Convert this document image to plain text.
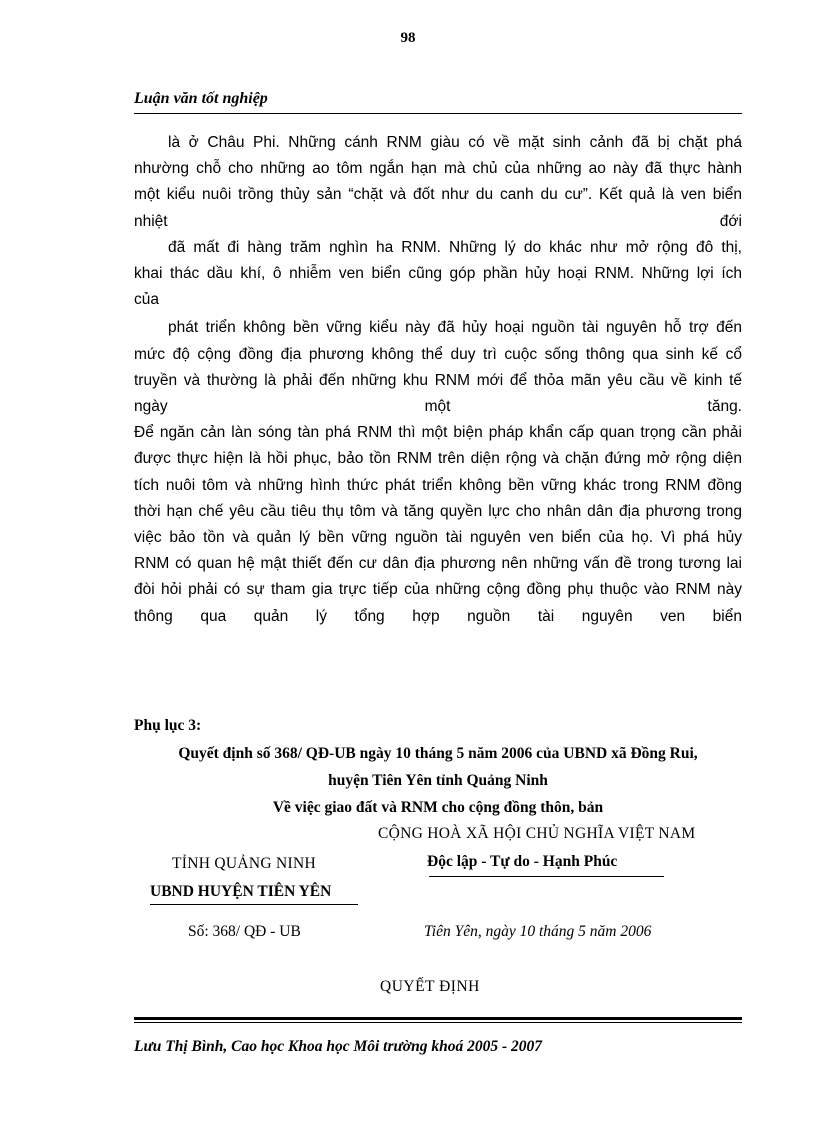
98
Luận văn tốt nghiệp

là ở Châu Phi. Những cánh RNM giàu có về mặt sinh cảnh đã bị chặt phá

nhường chỗ cho những ao tôm ngắn hạn mà chủ của những ao này đã thực hành

một kiểu nuôi trồng thủy sản “chặt và đốt như du canh du cư”. Kết quả là ven biển

nhiệt đới

đã mất đi hàng trăm nghìn ha RNM. Những lý do khác như mở rộng đô thị,

khai thác dầu khí, ô nhiễm ven biển cũng góp phần hủy hoại RNM. Những lợi ích

của

phát triển không bền vững kiểu này đã hủy hoại nguồn tài nguyên hỗ trợ đến

mức độ cộng đồng địa phương không thể duy trì cuộc sống thông qua sinh kế cổ

truyền và thường là phải đến những khu RNM mới để thỏa mãn yêu cầu về kinh tế

ngày một tăng.

Để ngăn cản làn sóng tàn phá RNM thì một biện pháp khẩn cấp quan trọng cần phải

được thực hiện là hồi phục, bảo tồn RNM trên diện rộng và chặn đứng mở rộng diện

tích nuôi tôm và những hình thức phát triển không bền vững khác trong RNM đồng

thời hạn chế yêu cầu tiêu thụ tôm và tăng quyền lực cho nhân dân địa phương trong

việc bảo tồn và quản lý bền vững nguồn tài nguyên ven biển của họ. Vì phá hủy

RNM có quan hệ mật thiết đến cư dân địa phương nên những vấn đề trong tương lai

đòi hỏi phải có sự tham gia trực tiếp của những cộng đồng phụ thuộc vào RNM này

thông qua quản lý tổng hợp nguồn tài nguyên ven biển

Phụ lục 3:
Quyết định số 368/ QĐ-UB ngày 10 tháng 5 năm 2006 của UBND xã Đồng Rui,
huyện Tiên Yên tỉnh Quảng Ninh
Về việc giao đất và RNM cho cộng đồng thôn, bản
CỘNG HOÀ XÃ HỘI CHỦ NGHĨA VIỆT NAM
Độc lập - Tự do - Hạnh Phúc
TỈNH QUẢNG NINH
UBND HUYỆN TIÊN YÊN
Số: 368/ QĐ - UB	Tiên Yên, ngày 10 tháng 5 năm 2006
QUYẾT ĐỊNH
Lưu Thị Bình, Cao học Khoa học Môi trường khoá 2005 - 2007
